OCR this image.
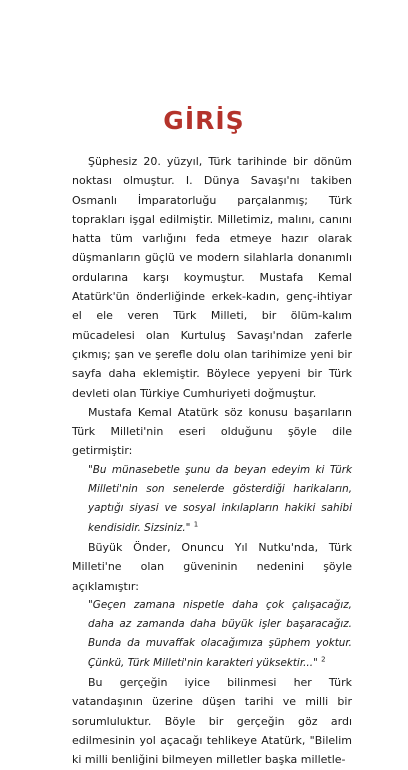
GİRİŞ

Şüphesiz 20. yüzyıl, Türk tarihinde bir dönüm noktası olmuştur. I. Dünya Savaşı'nı takiben Osmanlı İmparatorluğu parçalanmış; Türk toprakları işgal edilmiştir. Milletimiz, malını, canını hatta tüm varlığını feda etmeye hazır olarak düşmanların güçlü ve modern silahlarla donanımlı ordularına karşı koymuştur. Mustafa Kemal Atatürk'ün önderliğinde erkek-kadın, genç-ihtiyar el ele veren Türk Milleti, bir ölüm-kalım mücadelesi olan Kurtuluş Savaşı'ndan zaferle çıkmış; şan ve şerefle dolu olan tarihimize yeni bir sayfa daha eklemiştir. Böylece yepyeni bir Türk devleti olan Türkiye Cumhuriyeti doğmuştur.

Mustafa Kemal Atatürk söz konusu başarıların Türk Milleti'nin eseri olduğunu şöyle dile getirmiştir:

"Bu münasebetle şunu da beyan edeyim ki Türk Milleti'nin son senelerde gösterdiği harikaların, yaptığı siyasi ve sosyal inkılapların hakiki sahibi kendisidir. Sizsiniz." $^1$

Büyük Önder, Onuncu Yıl Nutku'nda, Türk Milleti'ne olan güveninin nedenini şöyle açıklamıştır:

"Geçen zamana nispetle daha çok çalışacağız, daha az zamanda daha büyük işler başaracağız. Bunda da muvaffak olacağımıza şüphem yoktur. Çünkü, Türk Milleti'nin karakteri yüksektir..." $^2$

Bu gerçeğin iyice bilinmesi her Türk vatandaşının üzerine düşen tarihi ve milli bir sorumluluktur. Böyle bir gerçeğin göz ardı edilmesinin yol açacağı tehlikeye Atatürk, "Bilelim ki milli benliğini bilmeyen milletler başka milletle-
